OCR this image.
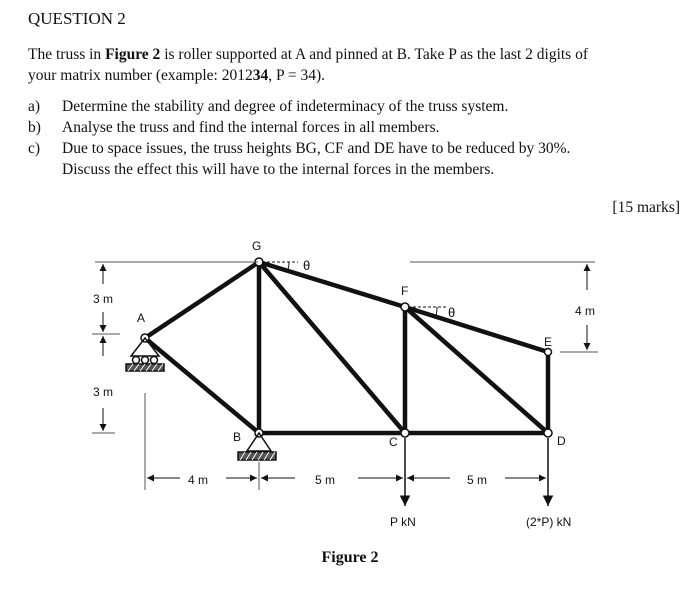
QUESTION 2

The truss in Figure 2 is roller supported at A and pinned at B. Take P as the last 2 digits of

your matrix number (example: 201234, P = 34).

a) Determine the stability and degree of indeterminacy of the truss system.
b) Analyse the truss and find the internal forces in all members.
c) Due to space issues, the truss heights BG, CF and DE have to be reduced by 30%.
Discuss the effect this will have to the internal forces in the members.
[15 marks]
G
A
F
E
B	C	D
θ
θ
3 m
3 m
4 m
4 m	5 m	5 m
P kN	(2*P) kN
Figure 2
